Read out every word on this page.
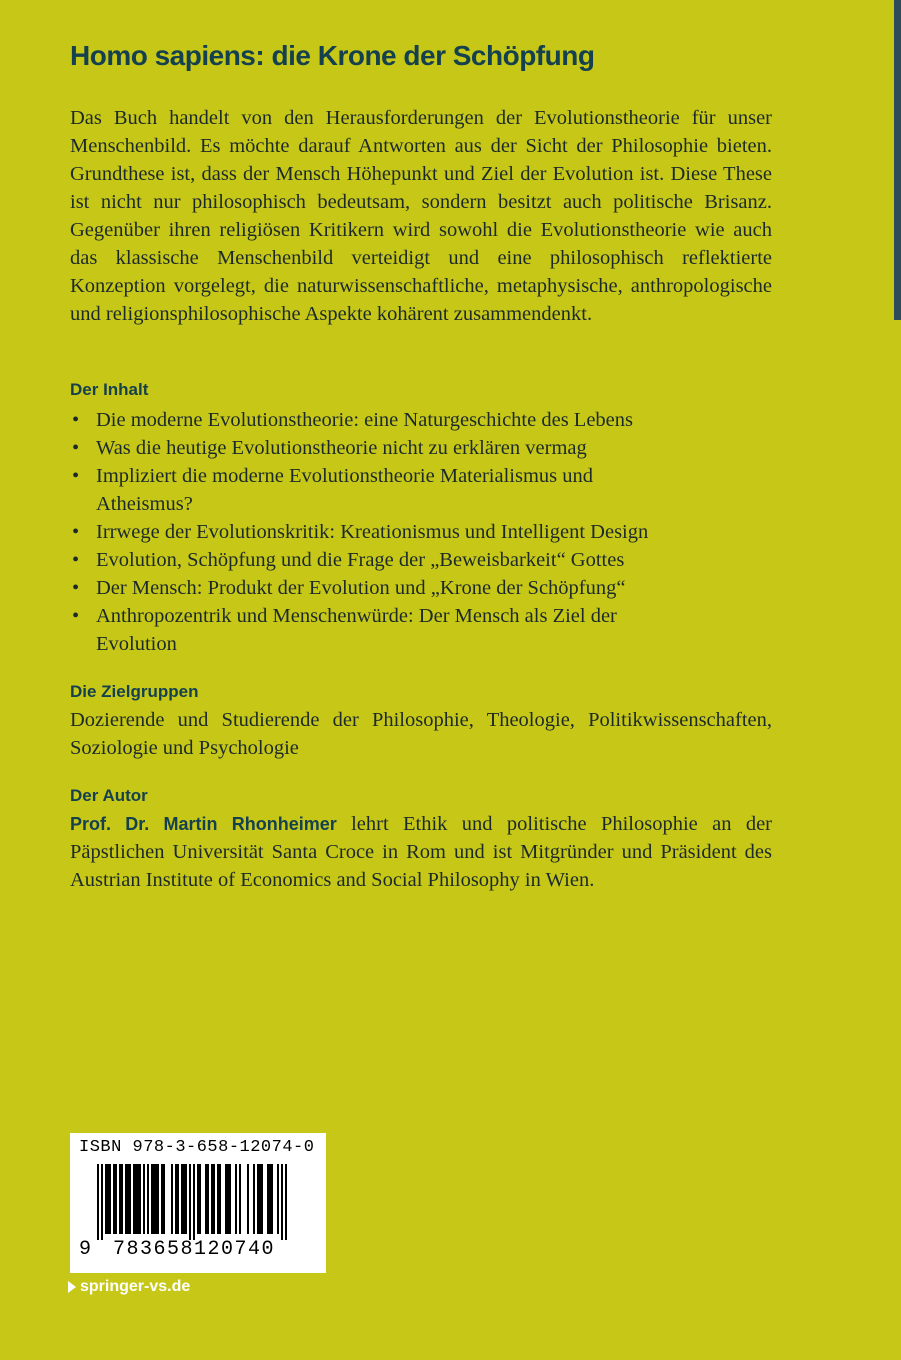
Homo sapiens: die Krone der Schöpfung

Das Buch handelt von den Herausforderungen der Evolutionstheorie für unser Menschenbild. Es möchte darauf Antworten aus der Sicht der Philosophie bieten. Grundthese ist, dass der Mensch Höhepunkt und Ziel der Evolution ist. Diese These ist nicht nur philosophisch bedeutsam, sondern besitzt auch politische Brisanz. Gegenüber ihren religiösen Kritikern wird sowohl die Evolutionstheorie wie auch das klassische Menschenbild verteidigt und eine philosophisch reflektierte Konzeption vorgelegt, die naturwissenschaftliche, metaphysische, anthropologische und religionsphilosophische Aspekte kohärent zusammendenkt.

Der Inhalt
• Die moderne Evolutionstheorie: eine Naturgeschichte des Lebens
• Was die heutige Evolutionstheorie nicht zu erklären vermag
• Impliziert die moderne Evolutionstheorie Materialismus und Atheismus?
• Irrwege der Evolutionskritik: Kreationismus und Intelligent Design
• Evolution, Schöpfung und die Frage der „Beweisbarkeit“ Gottes
• Der Mensch: Produkt der Evolution und „Krone der Schöpfung“
• Anthropozentrik und Menschenwürde: Der Mensch als Ziel der Evolution
Die Zielgruppen

Dozierende und Studierende der Philosophie, Theologie, Politikwissenschaften, Soziologie und Psychologie

Der Autor

Prof. Dr. Martin Rhonheimer lehrt Ethik und politische Philosophie an der Päpstlichen Universität Santa Croce in Rom und ist Mitgründer und Präsident des Austrian Institute of Economics and Social Philosophy in Wien.

ISBN 978-3-658-12074-0
9 783658120740
springer-vs.de
